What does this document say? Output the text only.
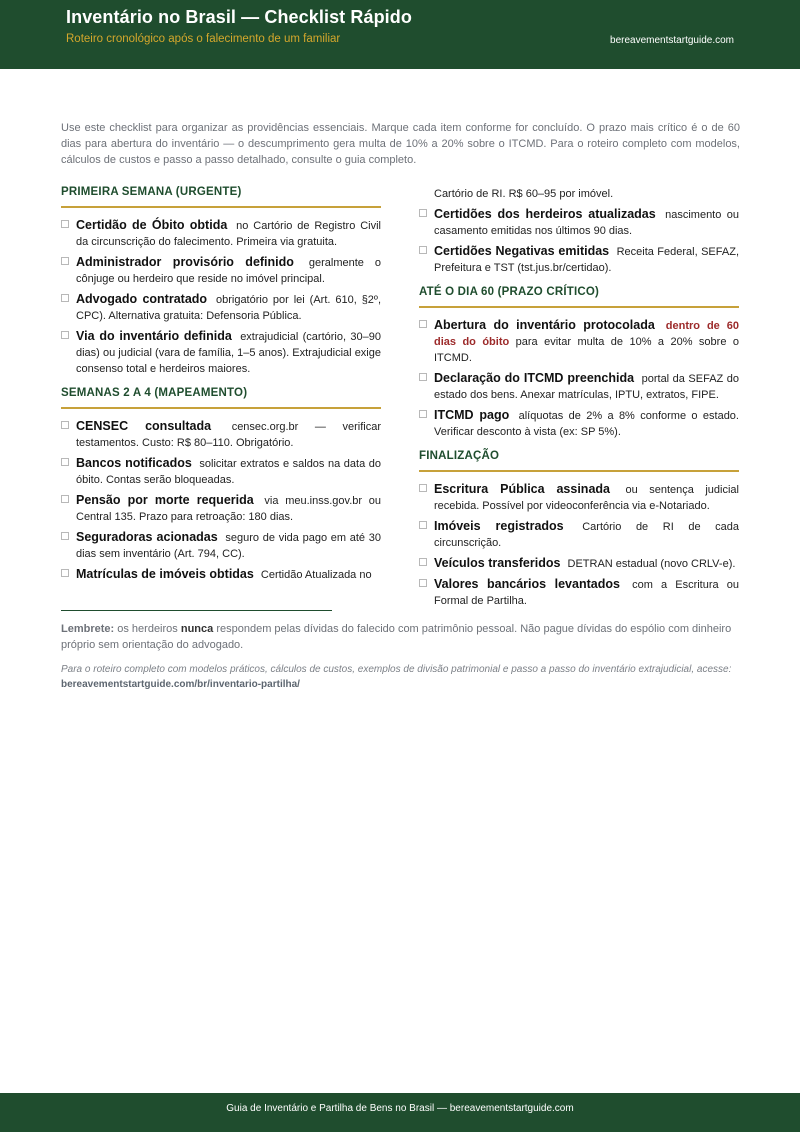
Inventário no Brasil — Checklist Rápido
Roteiro cronológico após o falecimento de um familiar	bereavementstartguide.com

Use este checklist para organizar as providências essenciais. Marque cada item conforme for concluído. O prazo mais crítico é o de 60 dias para abertura do inventário — o descumprimento gera multa de 10% a 20% sobre o ITCMD. Para o roteiro completo com modelos, cálculos de custos e passo a passo detalhado, consulte o guia completo.

PRIMEIRA SEMANA (URGENTE)
Certidão de Óbito obtida no Cartório de Registro Civil da circunscrição do falecimento. Primeira via gratuita.
Administrador provisório definido geralmente o cônjuge ou herdeiro que reside no imóvel principal.
Advogado contratado obrigatório por lei (Art. 610, §2º, CPC). Alternativa gratuita: Defensoria Pública.
Via do inventário definida extrajudicial (cartório, 30–90 dias) ou judicial (vara de família, 1–5 anos). Extrajudicial exige consenso total e herdeiros maiores.
SEMANAS 2 A 4 (MAPEAMENTO)
CENSEC consultada censec.org.br — verificar testamentos. Custo: R$ 80–110. Obrigatório.
Bancos notificados solicitar extratos e saldos na data do óbito. Contas serão bloqueadas.
Pensão por morte requerida via meu.inss.gov.br ou Central 135. Prazo para retroação: 180 dias.
Seguradoras acionadas seguro de vida pago em até 30 dias sem inventário (Art. 794, CC).
Matrículas de imóveis obtidas Certidão Atualizada no
Cartório de RI. R$ 60–95 por imóvel.
Certidões dos herdeiros atualizadas nascimento ou casamento emitidas nos últimos 90 dias.
Certidões Negativas emitidas Receita Federal, SEFAZ, Prefeitura e TST (tst.jus.br/certidao).
ATÉ O DIA 60 (PRAZO CRÍTICO)
Abertura do inventário protocolada dentro de 60 dias do óbito para evitar multa de 10% a 20% sobre o ITCMD.
Declaração do ITCMD preenchida portal da SEFAZ do estado dos bens. Anexar matrículas, IPTU, extratos, FIPE.
ITCMD pago alíquotas de 2% a 8% conforme o estado. Verificar desconto à vista (ex: SP 5%).
FINALIZAÇÃO
Escritura Pública assinada ou sentença judicial recebida. Possível por videoconferência via e-Notariado.
Imóveis registrados Cartório de RI de cada circunscrição.
Veículos transferidos DETRAN estadual (novo CRLV-e).
Valores bancários levantados com a Escritura ou Formal de Partilha.

Lembrete: os herdeiros nunca respondem pelas dívidas do falecido com patrimônio pessoal. Não pague dívidas do espólio com dinheiro próprio sem orientação do advogado.

Para o roteiro completo com modelos práticos, cálculos de custos, exemplos de divisão patrimonial e passo a passo do inventário extrajudicial, acesse:

bereavementstartguide.com/br/inventario-partilha/
Guia de Inventário e Partilha de Bens no Brasil — bereavementstartguide.com
